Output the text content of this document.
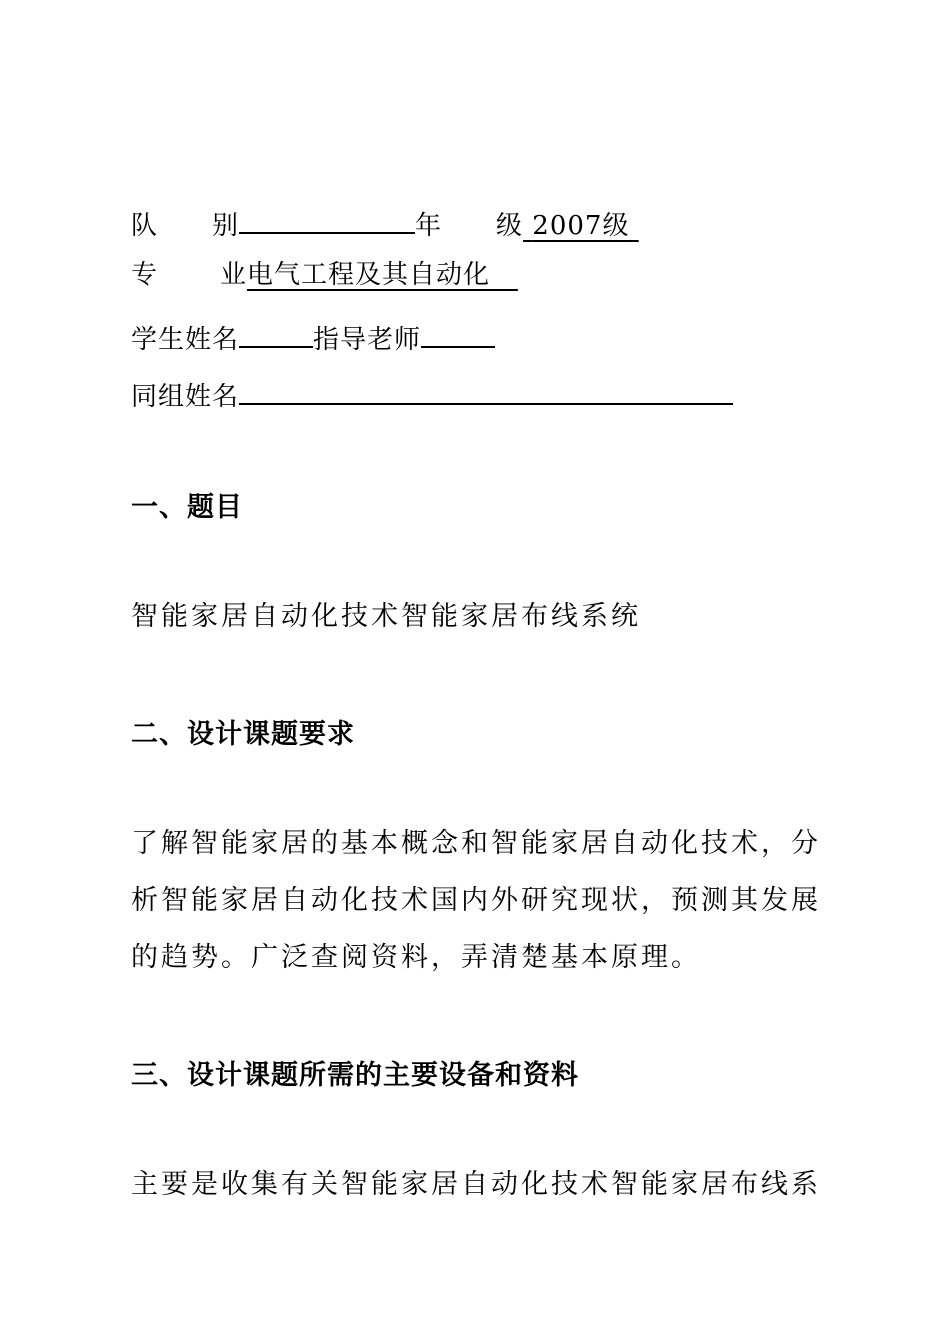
队　　别	年　　级 2007级
专 业电气工程及其自动化
学生姓名	指导老师
同组姓名
一、题目
智能家居自动化技术智能家居布线系统
二、设计课题要求
了解智能家居的基本概念和智能家居自动化技术，分
析智能家居自动化技术国内外研究现状，预测其发展
的趋势。广泛查阅资料，弄清楚基本原理。
三、设计课题所需的主要设备和资料
主要是收集有关智能家居自动化技术智能家居布线系
